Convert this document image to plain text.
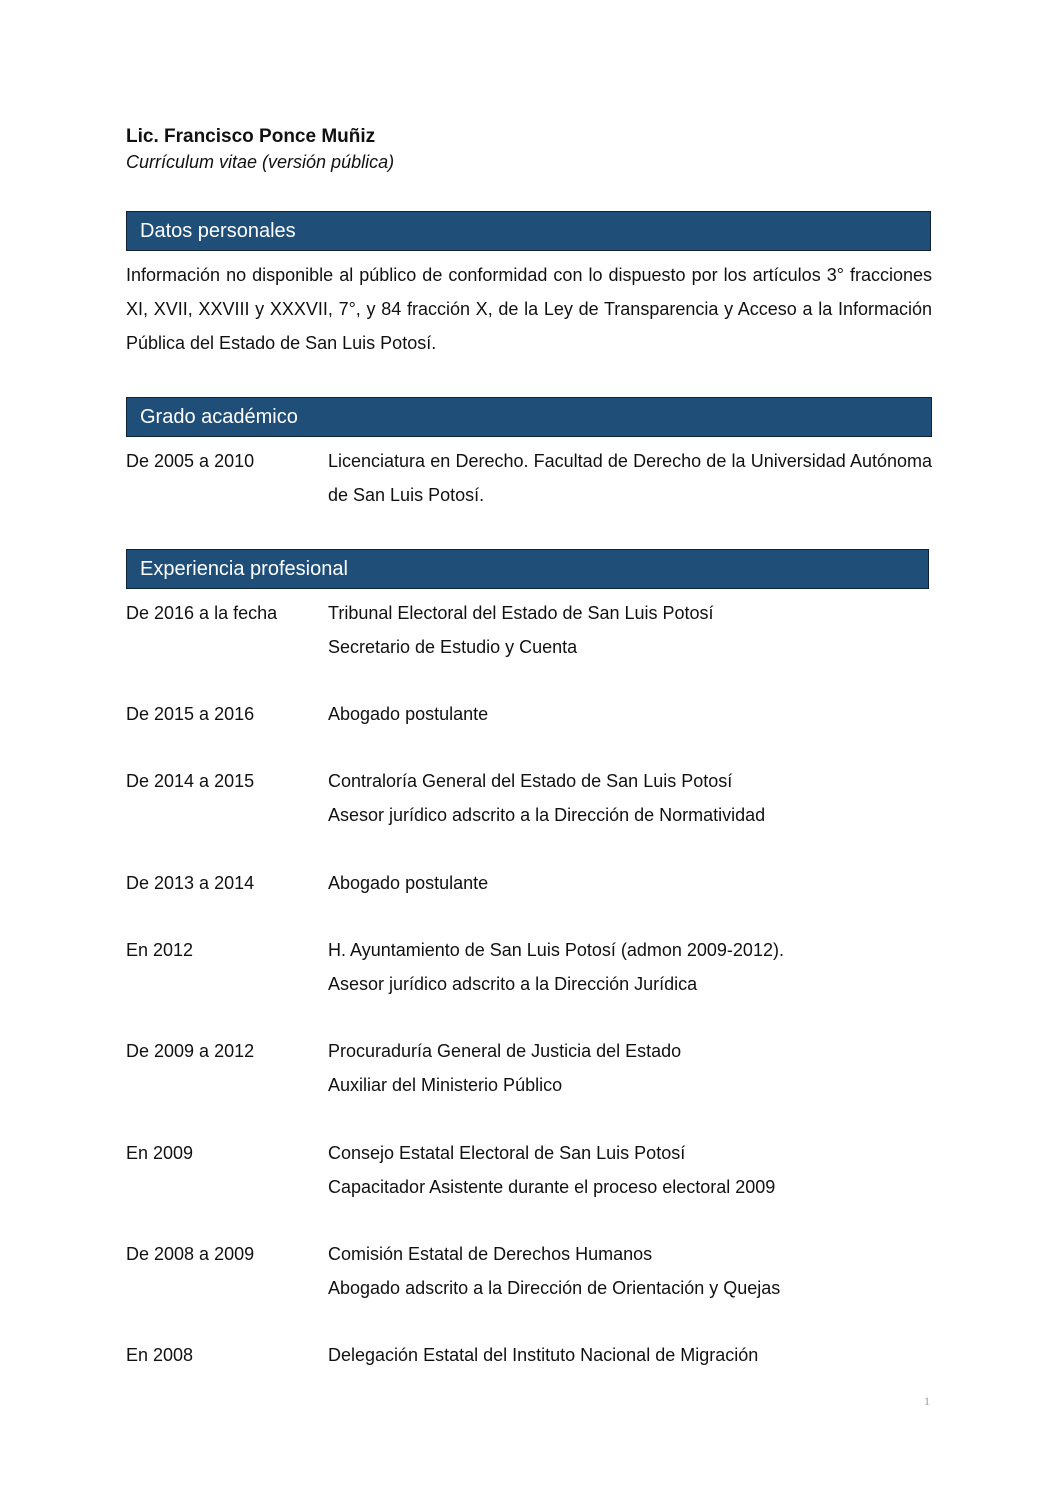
Lic. Francisco Ponce Muñiz
Currículum vitae (versión pública)
Datos personales
Información no disponible al público de conformidad con lo dispuesto por los artículos 3° fracciones XI, XVII, XXVIII y XXXVII, 7°, y 84 fracción X, de la Ley de Transparencia y Acceso a la Información Pública del Estado de San Luis Potosí.
Grado académico
De 2005 a 2010	Licenciatura en Derecho. Facultad de Derecho de la Universidad Autónoma de San Luis Potosí.
Experiencia profesional
De 2016 a la fecha	Tribunal Electoral del Estado de San Luis Potosí
Secretario de Estudio y Cuenta
De 2015 a 2016	Abogado postulante
De 2014 a 2015	Contraloría General del Estado de San Luis Potosí
Asesor jurídico adscrito a la Dirección de Normatividad
De 2013 a 2014	Abogado postulante
En 2012	H. Ayuntamiento de San Luis Potosí (admon 2009-2012).
Asesor jurídico adscrito a la Dirección Jurídica
De 2009 a 2012	Procuraduría General de Justicia del Estado
Auxiliar del Ministerio Público
En 2009	Consejo Estatal Electoral de San Luis Potosí
Capacitador Asistente durante el proceso electoral 2009
De 2008 a 2009	Comisión Estatal de Derechos Humanos
Abogado adscrito a la Dirección de Orientación y Quejas
En 2008	Delegación Estatal del Instituto Nacional de Migración
1
